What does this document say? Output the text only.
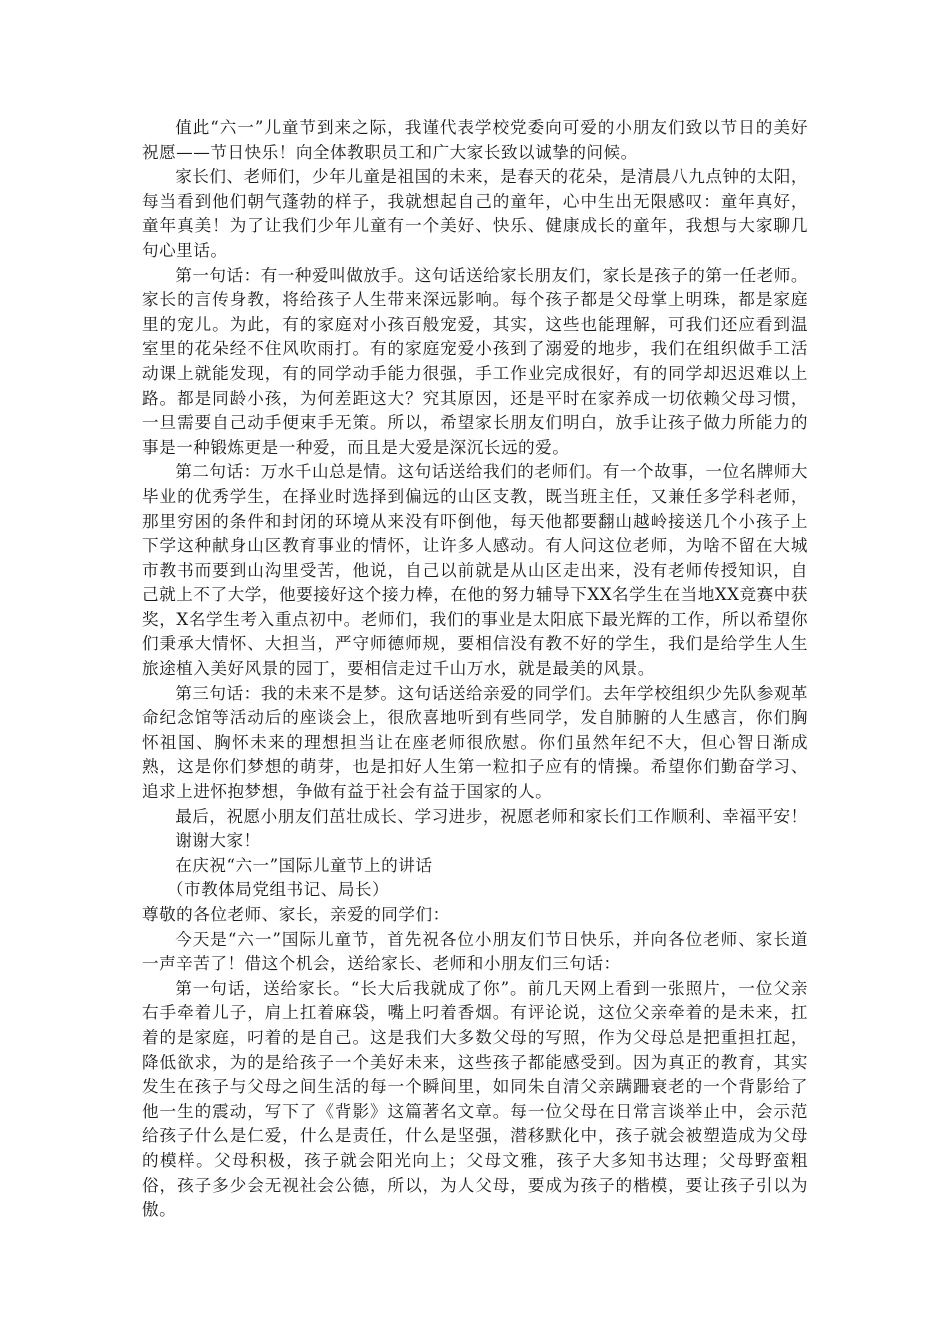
值此“六一”儿童节到来之际，我谨代表学校党委向可爱的小朋友们致以节日的美好祝愿——节日快乐！向全体教职员工和广大家长致以诚挚的问候。

家长们、老师们，少年儿童是祖国的未来，是春天的花朵，是清晨八九点钟的太阳，每当看到他们朝气蓬勃的样子，我就想起自己的童年，心中生出无限感叹：童年真好，童年真美！为了让我们少年儿童有一个美好、快乐、健康成长的童年，我想与大家聊几句心里话。

第一句话：有一种爱叫做放手。这句话送给家长朋友们，家长是孩子的第一任老师。家长的言传身教，将给孩子人生带来深远影响。每个孩子都是父母掌上明珠，都是家庭里的宠儿。为此，有的家庭对小孩百般宠爱，其实，这些也能理解，可我们还应看到温室里的花朵经不住风吹雨打。有的家庭宠爱小孩到了溺爱的地步，我们在组织做手工活动课上就能发现，有的同学动手能力很强，手工作业完成很好，有的同学却迟迟难以上路。都是同龄小孩，为何差距这大？究其原因，还是平时在家养成一切依赖父母习惯，一旦需要自己动手便束手无策。所以，希望家长朋友们明白，放手让孩子做力所能力的事是一种锻炼更是一种爱，而且是大爱是深沉长远的爱。

第二句话：万水千山总是情。这句话送给我们的老师们。有一个故事，一位名牌师大毕业的优秀学生，在择业时选择到偏远的山区支教，既当班主任，又兼任多学科老师，那里穷困的条件和封闭的环境从来没有吓倒他，每天他都要翻山越岭接送几个小孩子上下学这种献身山区教育事业的情怀，让许多人感动。有人问这位老师，为啥不留在大城市教书而要到山沟里受苦，他说，自己以前就是从山区走出来，没有老师传授知识，自己就上不了大学，他要接好这个接力棒，在他的努力辅导下XX名学生在当地XX竞赛中获奖，X名学生考入重点初中。老师们，我们的事业是太阳底下最光辉的工作，所以希望你们秉承大情怀、大担当，严守师德师规，要相信没有教不好的学生，我们是给学生人生旅途植入美好风景的园丁，要相信走过千山万水，就是最美的风景。

第三句话：我的未来不是梦。这句话送给亲爱的同学们。去年学校组织少先队参观革命纪念馆等活动后的座谈会上，很欣喜地听到有些同学，发自肺腑的人生感言，你们胸怀祖国、胸怀未来的理想担当让在座老师很欣慰。你们虽然年纪不大，但心智日渐成熟，这是你们梦想的萌芽，也是扣好人生第一粒扣子应有的情操。希望你们勤奋学习、追求上进怀抱梦想，争做有益于社会有益于国家的人。

最后，祝愿小朋友们茁壮成长、学习进步，祝愿老师和家长们工作顺利、幸福平安！

谢谢大家！

在庆祝“六一”国际儿童节上的讲话

（市教体局党组书记、局长）

尊敬的各位老师、家长，亲爱的同学们：

今天是“六一”国际儿童节，首先祝各位小朋友们节日快乐，并向各位老师、家长道一声辛苦了！借这个机会，送给家长、老师和小朋友们三句话：

第一句话，送给家长。“长大后我就成了你”。前几天网上看到一张照片，一位父亲右手牵着儿子，肩上扛着麻袋，嘴上叼着香烟。有评论说，这位父亲牵着的是未来，扛着的是家庭，叼着的是自己。这是我们大多数父母的写照，作为父母总是把重担扛起，降低欲求，为的是给孩子一个美好未来，这些孩子都能感受到。因为真正的教育，其实发生在孩子与父母之间生活的每一个瞬间里，如同朱自清父亲蹒跚衰老的一个背影给了他一生的震动，写下了《背影》这篇著名文章。每一位父母在日常言谈举止中，会示范给孩子什么是仁爱，什么是责任，什么是坚强，潜移默化中，孩子就会被塑造成为父母的模样。父母积极，孩子就会阳光向上；父母文雅，孩子大多知书达理；父母野蛮粗俗，孩子多少会无视社会公德，所以，为人父母，要成为孩子的楷模，要让孩子引以为傲。
